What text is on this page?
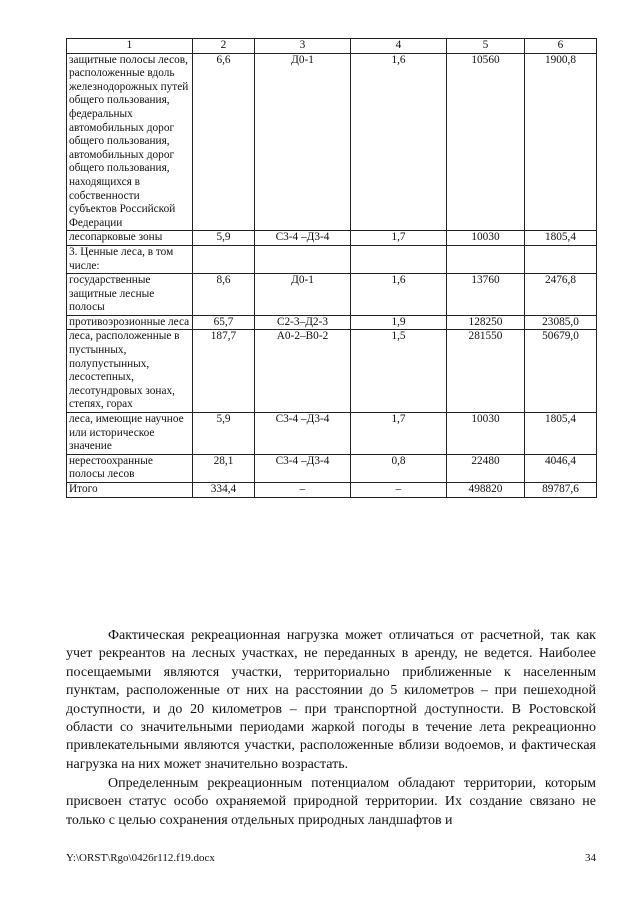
1	2	3	4	5	6
защитные полосы лесов, расположенные вдоль железнодорожных путей общего пользования, федеральных автомобильных дорог общего пользования, автомобильных дорог общего пользования, находящихся в собственности субъектов Российской Федерации	6,6	Д0-1	1,6	10560	1900,8
лесопарковые зоны	5,9	С3-4 –Д3-4	1,7	10030	1805,4
3. Ценные леса, в том числе:					
государственные защитные лесные полосы	8,6	Д0-1	1,6	13760	2476,8
противоэрозионные леса	65,7	С2-3–Д2-3	1,9	128250	23085,0
леса, расположенные в пустынных, полупустынных, лесостепных, лесотундровых зонах, степях, горах	187,7	А0-2–В0-2	1,5	281550	50679,0
леса, имеющие научное или историческое значение	5,9	С3-4 –Д3-4	1,7	10030	1805,4
нерестоохранные полосы лесов	28,1	С3-4 –Д3-4	0,8	22480	4046,4
Итого	334,4	–	–	498820	89787,6

Фактическая рекреационная нагрузка может отличаться от расчетной, так как учет рекреантов на лесных участках, не переданных в аренду, не ведется. Наиболее посещаемыми являются участки, территориально приближенные к населенным пунктам, расположенные от них на расстоянии до 5 километров – при пешеходной доступности, и до 20 километров – при транспортной доступности. В Ростовской области со значительными периодами жаркой погоды в течение лета рекреационно привлекательными являются участки, расположенные вблизи водоемов, и фактическая нагрузка на них может значительно возрастать.

Определенным рекреационным потенциалом обладают территории, которым присвоен статус особо охраняемой природной территории. Их создание связано не только с целью сохранения отдельных природных ландшафтов и

Y:\ORST\Rgo\0426r112.f19.docx	34
